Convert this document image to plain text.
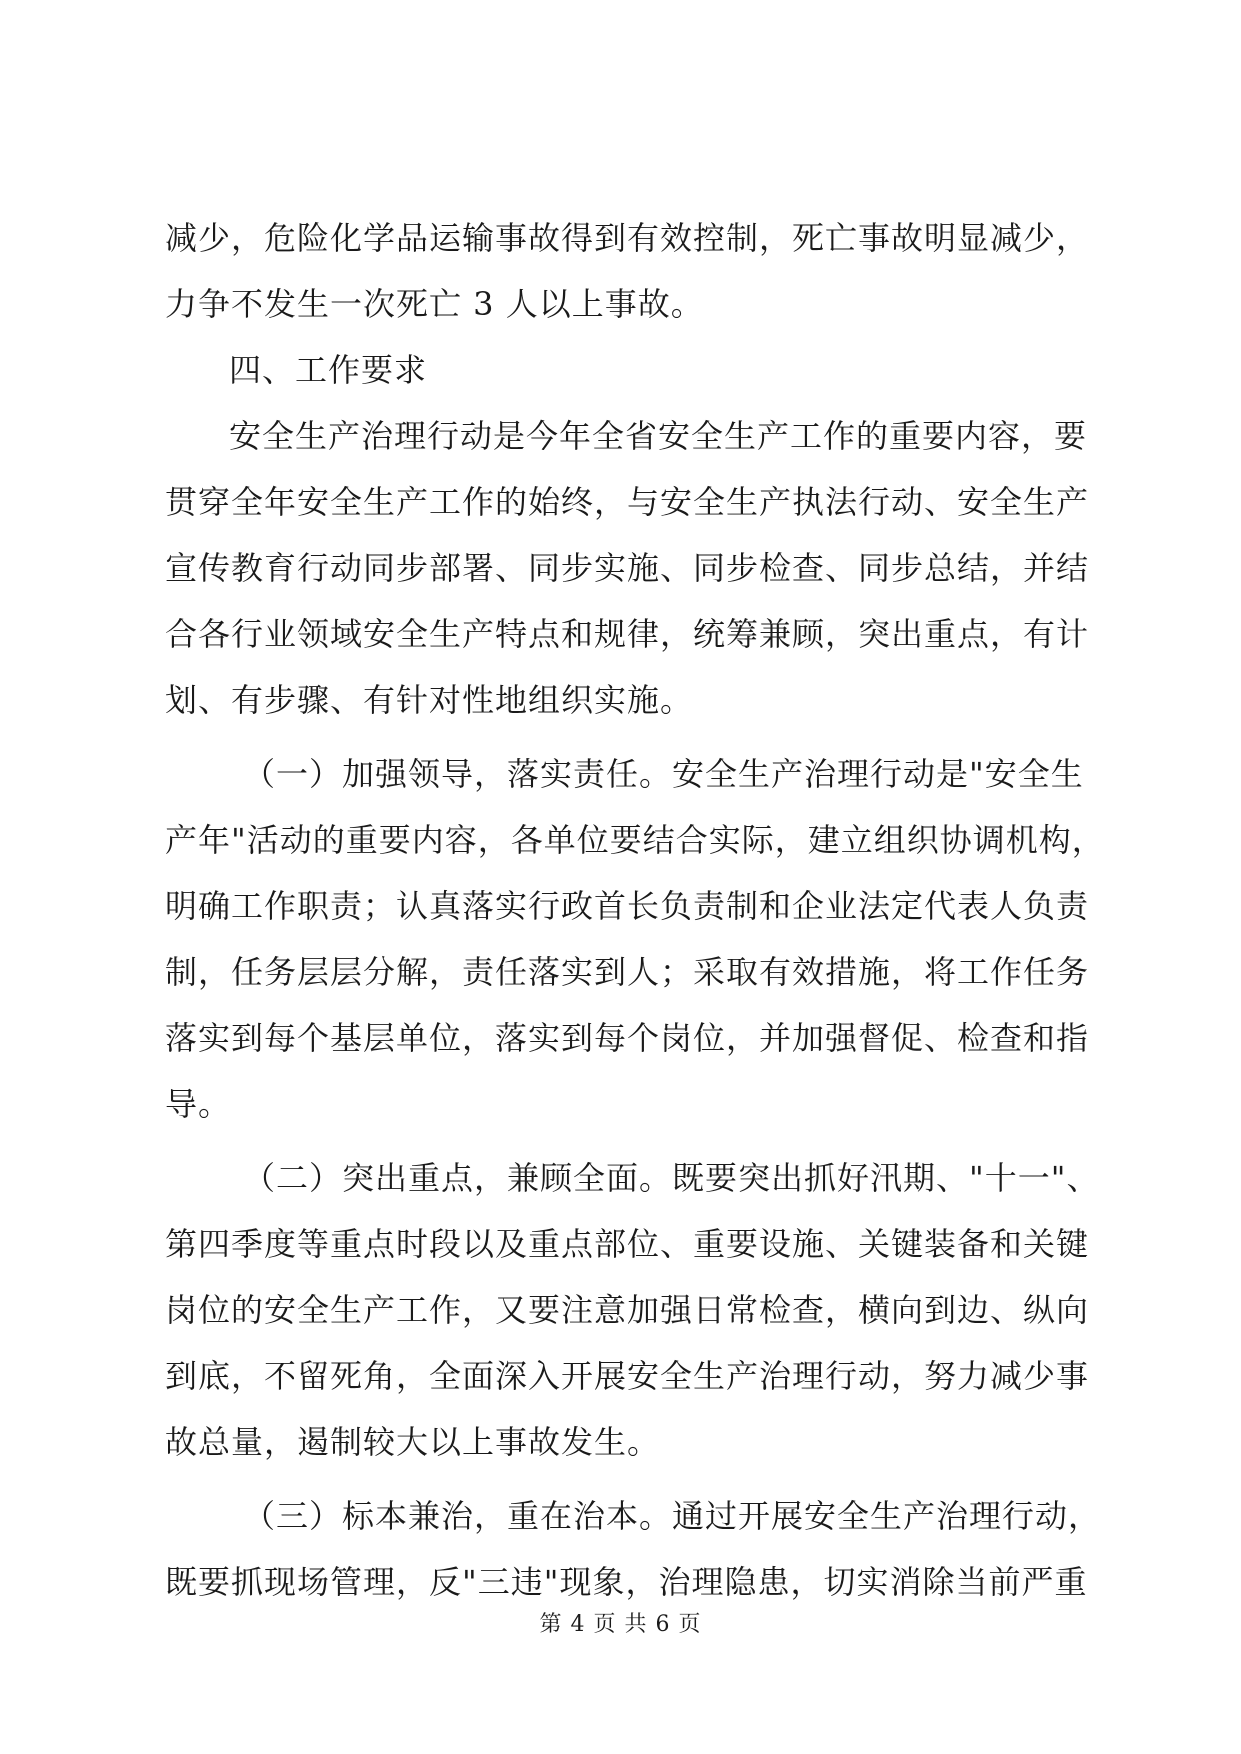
减少，危险化学品运输事故得到有效控制，死亡事故明显减少，
力争不发生一次死亡 3 人以上事故。
四、工作要求
安全生产治理行动是今年全省安全生产工作的重要内容，要
贯穿全年安全生产工作的始终，与安全生产执法行动、安全生产
宣传教育行动同步部署、同步实施、同步检查、同步总结，并结
合各行业领域安全生产特点和规律，统筹兼顾，突出重点，有计
划、有步骤、有针对性地组织实施。
（一）加强领导，落实责任。安全生产治理行动是"安全生
产年"活动的重要内容，各单位要结合实际，建立组织协调机构，
明确工作职责；认真落实行政首长负责制和企业法定代表人负责
制，任务层层分解，责任落实到人；采取有效措施，将工作任务
落实到每个基层单位，落实到每个岗位，并加强督促、检查和指
导。
（二）突出重点，兼顾全面。既要突出抓好汛期、"十一"、
第四季度等重点时段以及重点部位、重要设施、关键装备和关键
岗位的安全生产工作，又要注意加强日常检查，横向到边、纵向
到底，不留死角，全面深入开展安全生产治理行动，努力减少事
故总量，遏制较大以上事故发生。
（三）标本兼治，重在治本。通过开展安全生产治理行动，
既要抓现场管理，反"三违"现象，治理隐患，切实消除当前严重
第 4 页 共 6 页
